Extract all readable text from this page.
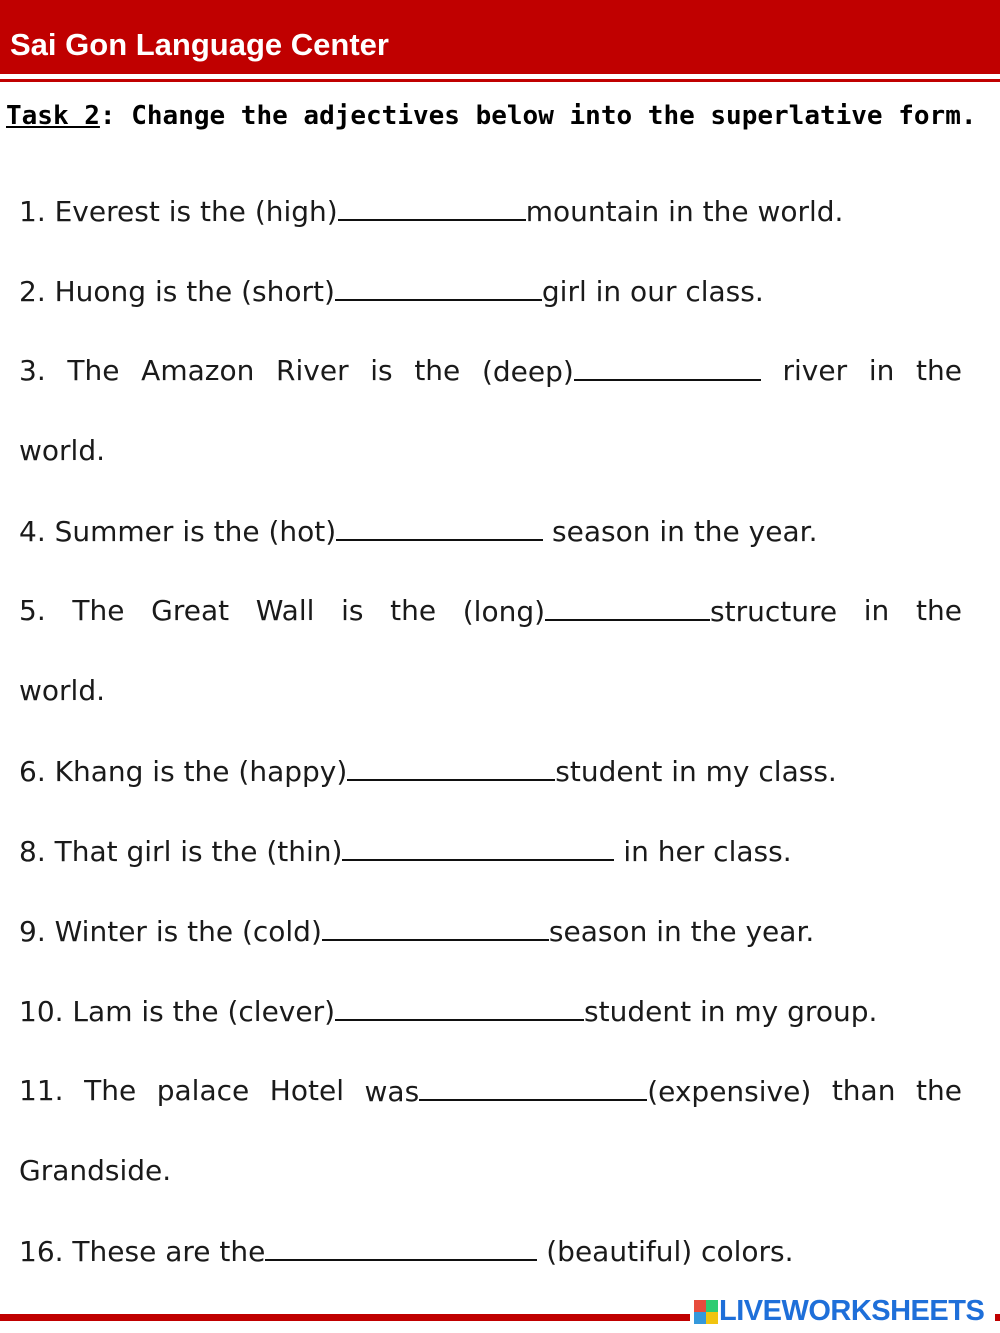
Sai Gon Language Center
Task 2: Change the adjectives below into the superlative form.
1. Everest is the (high)	mountain in the world.
2. Huong is the (short)	girl in our class.
3. The Amazon River is the (deep)	river in the
world.
4. Summer is the (hot)	season in the year.
5. The Great Wall is the (long)	structure in the
world.
6. Khang is the (happy)	student in my class.
8. That girl is the (thin)	in her class.
9. Winter is the (cold)	season in the year.
10. Lam is the (clever)	student in my group.
11. The palace Hotel was	(expensive) than the
Grandside.
16. These are the	(beautiful) colors.
LIVEWORKSHEETS
